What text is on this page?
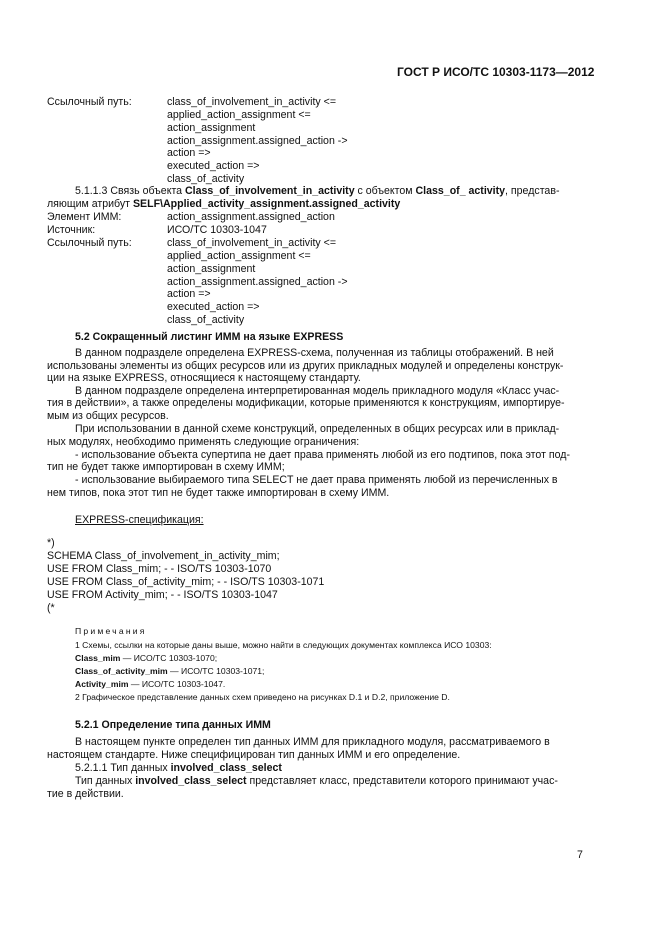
ГОСТ Р ИСО/ТС 10303-1173—2012
Ссылочный путь:	class_of_involvement_in_activity <=
applied_action_assignment <=
action_assignment
action_assignment.assigned_action ->
action =>
executed_action =>
class_of_activity
5.1.1.3 Связь объекта Class_of_involvement_in_activity с объектом Class_of_ activity, представ-
ляющим атрибут SELF\Applied_activity_assignment.assigned_activity
Элемент ИММ:	action_assignment.assigned_action
Источник:	ИСО/ТС 10303-1047
Ссылочный путь:	class_of_involvement_in_activity <=
applied_action_assignment <=
action_assignment
action_assignment.assigned_action ->
action =>
executed_action =>
class_of_activity
5.2 Сокращенный листинг ИММ на языке EXPRESS
В данном подразделе определена EXPRESS-схема, полученная из таблицы отображений. В ней
использованы элементы из общих ресурсов или из других прикладных модулей и определены конструк-
ции на языке EXPRESS, относящиеся к настоящему стандарту.
В данном подразделе определена интерпретированная модель прикладного модуля «Класс учас-
тия в действии», а также определены модификации, которые применяются к конструкциям, импортируе-
мым из общих ресурсов.
При использовании в данной схеме конструкций, определенных в общих ресурсах или в приклад-
ных модулях, необходимо применять следующие ограничения:
- использование объекта супертипа не дает права применять любой из его подтипов, пока этот под-
тип не будет также импортирован в схему ИММ;
- использование выбираемого типа SELECT не дает права применять любой из перечисленных в
нем типов, пока этот тип не будет также импортирован в схему ИММ.
EXPRESS-спецификация:
*)
SCHEMA Class_of_involvement_in_activity_mim;
USE FROM Class_mim; - - ISO/TS 10303-1070
USE FROM Class_of_activity_mim; - - ISO/TS 10303-1071
USE FROM Activity_mim; - - ISO/TS 10303-1047
(*
Примечания
1 Схемы, ссылки на которые даны выше, можно найти в следующих документах комплекса ИСО 10303:
Class_mim — ИСО/ТС 10303-1070;
Class_of_activity_mim — ИСО/ТС 10303-1071;
Activity_mim — ИСО/ТС 10303-1047.
2 Графическое представление данных схем приведено на рисунках D.1 и D.2, приложение D.
5.2.1 Определение типа данных ИММ
В настоящем пункте определен тип данных ИММ для прикладного модуля, рассматриваемого в
настоящем стандарте. Ниже специфицирован тип данных ИММ и его определение.
5.2.1.1 Тип данных involved_class_select
Тип данных involved_class_select представляет класс, представители которого принимают учас-
тие в действии.
7
